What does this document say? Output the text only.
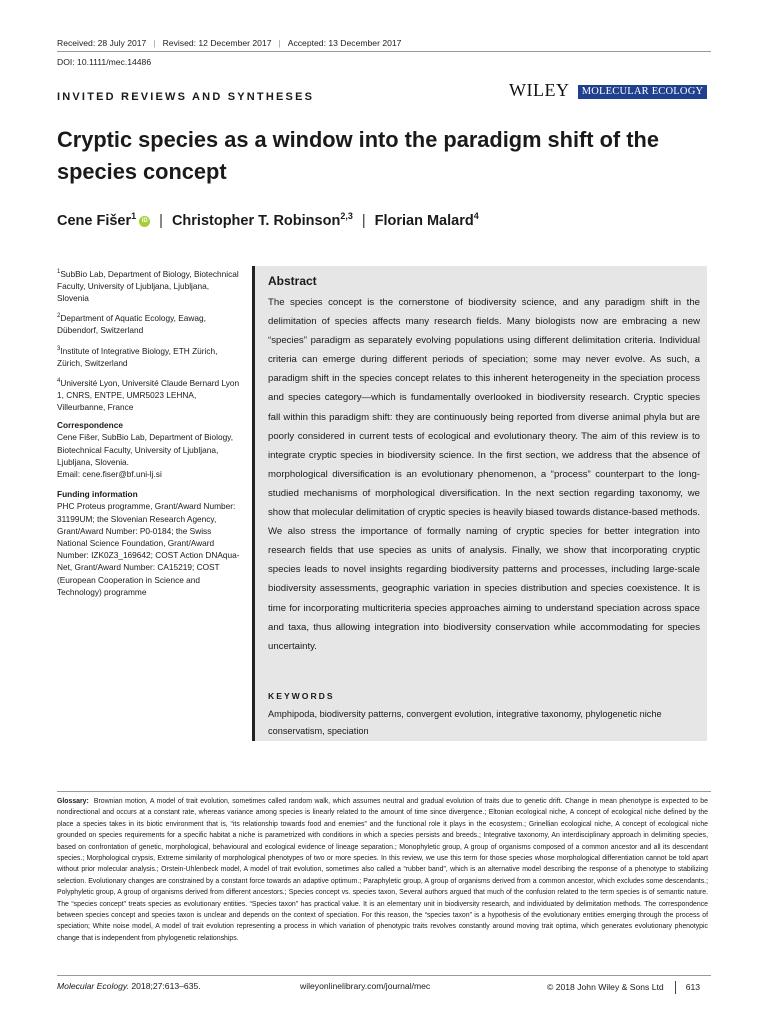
Received: 28 July 2017 | Revised: 12 December 2017 | Accepted: 13 December 2017
DOI: 10.1111/mec.14486
INVITED REVIEWS AND SYNTHESES	WILEY	MOLECULAR ECOLOGY
Cryptic species as a window into the paradigm shift of the species concept
Cene Fišer$^1$ iD | Christopher T. Robinson$^{2,3}$ | Florian Malard$^4$
$^1$SubBio Lab, Department of Biology, Biotechnical Faculty, University of Ljubljana, Ljubljana, Slovenia
$^2$Department of Aquatic Ecology, Eawag, Dübendorf, Switzerland
$^3$Institute of Integrative Biology, ETH Zürich, Zürich, Switzerland
$^4$Université Lyon, Université Claude Bernard Lyon 1, CNRS, ENTPE, UMR5023 LEHNA, Villeurbanne, France
Correspondence
Cene Fišer, SubBio Lab, Department of Biology, Biotechnical Faculty, University of Ljubljana, Ljubljana, Slovenia.
Email: cene.fiser@bf.uni-lj.si
Funding information
PHC Proteus programme, Grant/Award Number: 31199UM; the Slovenian Research Agency, Grant/Award Number: P0-0184; the Swiss National Science Foundation, Grant/Award Number: IZK0Z3_169642; COST Action DNAqua-Net, Grant/Award Number: CA15219; COST (European Cooperation in Science and Technology) programme
Abstract
The species concept is the cornerstone of biodiversity science, and any paradigm shift in the delimitation of species affects many research fields. Many biologists now are embracing a new “species” paradigm as separately evolving populations using different delimitation criteria. Individual criteria can emerge during different periods of speciation; some may never evolve. As such, a paradigm shift in the species concept relates to this inherent heterogeneity in the speciation process and species category—which is fundamentally overlooked in biodiversity research. Cryptic species fall within this paradigm shift: they are continuously being reported from diverse animal phyla but are poorly considered in current tests of ecological and evolutionary theory. The aim of this review is to integrate cryptic species in biodiversity science. In the first section, we address that the absence of morphological diversification is an evolutionary phenomenon, a “process” counterpart to the long-studied mechanisms of morphological diversification. In the next section regarding taxonomy, we show that molecular delimitation of cryptic species is heavily biased towards distance-based methods. We also stress the importance of formally naming of cryptic species for better integration into research fields that use species as units of analysis. Finally, we show that incorporating cryptic species leads to novel insights regarding biodiversity patterns and processes, including large-scale biodiversity assessments, geographic variation in species distribution and species coexistence. It is time for incorporating multicriteria species approaches aiming to understand speciation across space and taxa, thus allowing integration into biodiversity conservation while accommodating for species uncertainty.
KEYWORDS
Amphipoda, biodiversity patterns, convergent evolution, integrative taxonomy, phylogenetic niche conservatism, speciation
Glossary: Brownian motion, A model of trait evolution, sometimes called random walk, which assumes neutral and gradual evolution of traits due to genetic drift. Change in mean phenotype is expected to be nondirectional and occurs at a constant rate, whereas variance among species is linearly related to the amount of time since divergence.; Eltonian ecological niche, A concept of ecological niche defined by the place a species takes in its biotic environment that is, “its relationship towards food and enemies” and the functional role it plays in the ecosystem.; Grinellian ecological niche, A concept of ecological niche grounded on species requirements for a specific habitat a niche is parametrized with conditions in which a species persists and breeds.; Integrative taxonomy, An interdisciplinary approach in delimiting species, based on confrontation of genetic, morphological, behavioural and ecological evidence of lineage separation.; Monophyletic group, A group of organisms composed of a common ancestor and all its descendant species.; Morphological crypsis, Extreme similarity of morphological phenotypes of two or more species. In this review, we use this term for those species whose morphological differentiation cannot be told apart without prior molecular analysis.; Orstein-Uhlenbeck model, A model of trait evolution, sometimes also called a “rubber band”, which is an alternative model describing the response of a phenotype to stabilizing selection. Evolutionary changes are constrained by a constant force towards an adaptive optimum.; Paraphyletic group, A group of organisms derived from a common ancestor, which excludes some descendants.; Polyphyletic group, A group of organisms derived from different ancestors.; Species concept vs. species taxon, Several authors argued that much of the confusion related to the term species is of semantic nature. The “species concept” treats species as evolutionary entities. “Species taxon” has practical value. It is an elementary unit in biodiversity research, and individuated by delimitation methods. The correspondence between species concept and species taxon is unclear and depends on the context of speciation. For this reason, the “species taxon” is a hypothesis of the evolutionary entities emerging through the process of speciation; White noise model, A model of trait evolution representing a process in which variation of phenotypic traits revolves constantly around moving trait optima, which generates evolutionary phenotypic change that is independent from phylogenetic relationships.
Molecular Ecology. 2018;27:613–635.	wileyonlinelibrary.com/journal/mec	© 2018 John Wiley & Sons Ltd	613
